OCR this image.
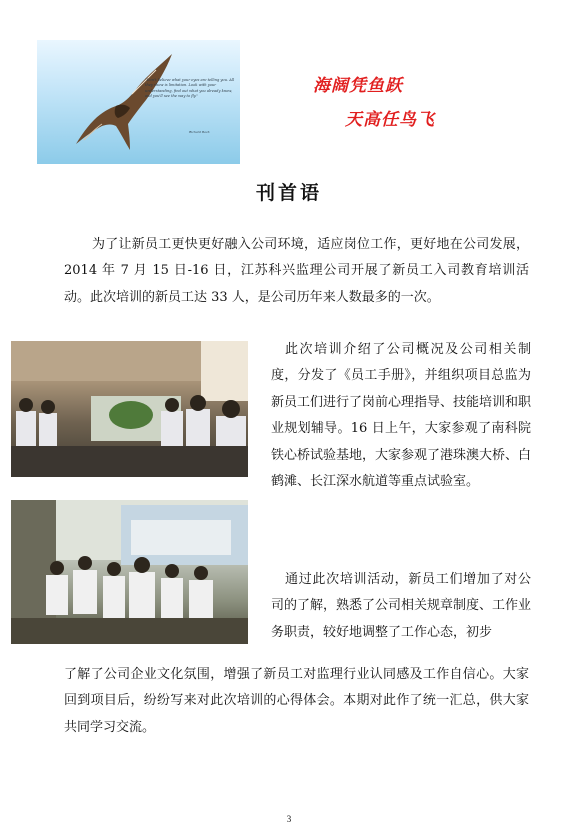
"Don't believe what your eyes are telling you. All they show is limitation. Look with your understanding, find out what you already know, and you'll see the way to fly."
Richard Bach
海阔凭鱼跃
天高任鸟飞
刊首语

为了让新员工更快更好融入公司环境，适应岗位工作，更好地在公司发展，2014 年 7 月 15 日-16 日，江苏科兴监理公司开展了新员工入司教育培训活动。此次培训的新员工达 33 人，是公司历年来人数最多的一次。

此次培训介绍了公司概况及公司相关制度，分发了《员工手册》，并组织项目总监为新员工们进行了岗前心理指导、技能培训和职业规划辅导。16 日上午，大家参观了南科院铁心桥试验基地，大家参观了港珠澳大桥、白鹤滩、长江深水航道等重点试验室。

通过此次培训活动，新员工们增加了对公司的了解，熟悉了公司相关规章制度、工作业务职责，较好地调整了工作心态，初步

了解了公司企业文化氛围，增强了新员工对监理行业认同感及工作自信心。大家回到项目后，纷纷写来对此次培训的心得体会。本期对此作了统一汇总，供大家共同学习交流。

3
